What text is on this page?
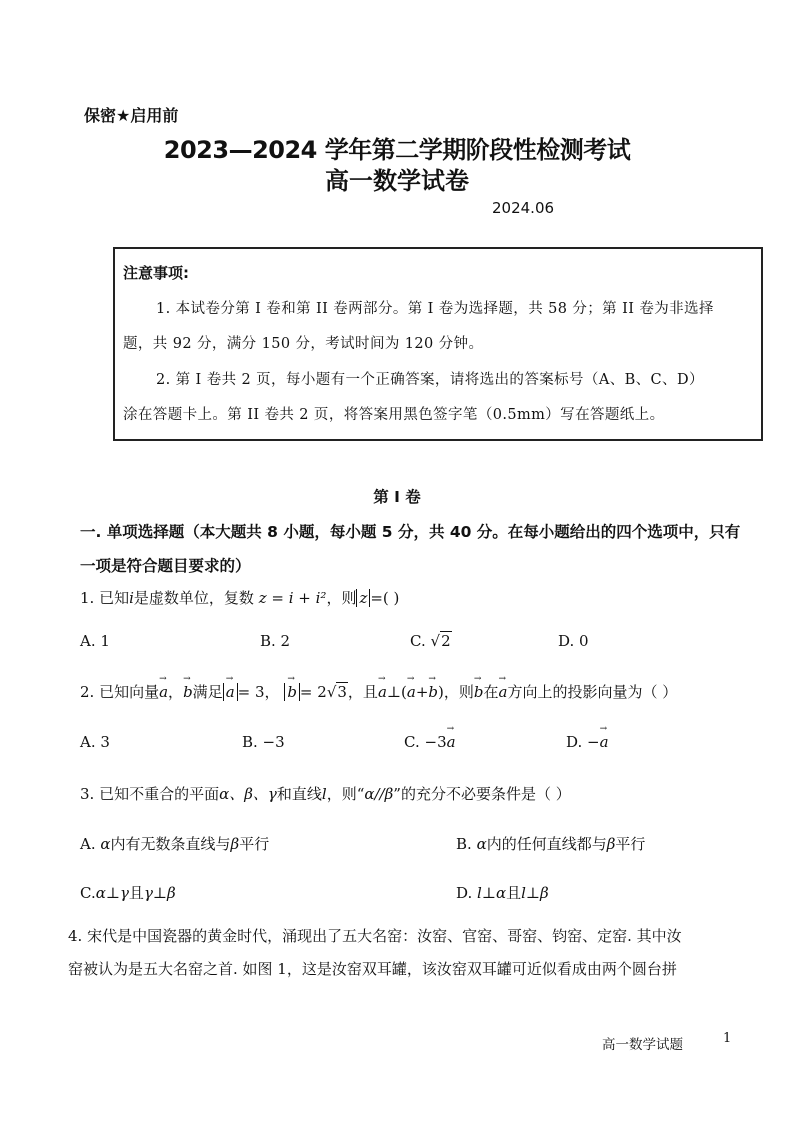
保密★启用前
2023—2024 学年第二学期阶段性检测考试
高一数学试卷
2024.06
注意事项:
1. 本试卷分第 I 卷和第 II 卷两部分。第 I 卷为选择题，共 58 分；第 II 卷为非选择
题，共 92 分，满分 150 分，考试时间为 120 分钟。
2. 第 I 卷共 2 页，每小题有一个正确答案，请将选出的答案标号（A、B、C、D）
涂在答题卡上。第 II 卷共 2 页，将答案用黑色签字笔（0.5mm）写在答题纸上。
第 I 卷
一. 单项选择题（本大题共 8 小题，每小题 5 分，共 40 分。在每小题给出的四个选项中，只有
一项是符合题目要求的）
1. 已知i是虚数单位，复数 z = i + i²，则 z =( )
A. 1	B. 2	C. √2	D. 0
2. 已知向量→ a，→ b满足 → a = 3， → b = 2√3，且→ a⊥(→ a+→ b)，则→ b在→ a方向上的投影向量为（ ）
A. 3	B. −3	C. −3→ a	D. −→ a
3. 已知不重合的平面α、β、γ和直线l，则“α//β”的充分不必要条件是（ ）
A. α内有无数条直线与β平行	B. α内的任何直线都与β平行
C.α⊥γ且γ⊥β	D. l⊥α且l⊥β
4. 宋代是中国瓷器的黄金时代，涌现出了五大名窑：汝窑、官窑、哥窑、钧窑、定窑. 其中汝
窑被认为是五大名窑之首. 如图 1，这是汝窑双耳罐，该汝窑双耳罐可近似看成由两个圆台拼
高一数学试题	1
